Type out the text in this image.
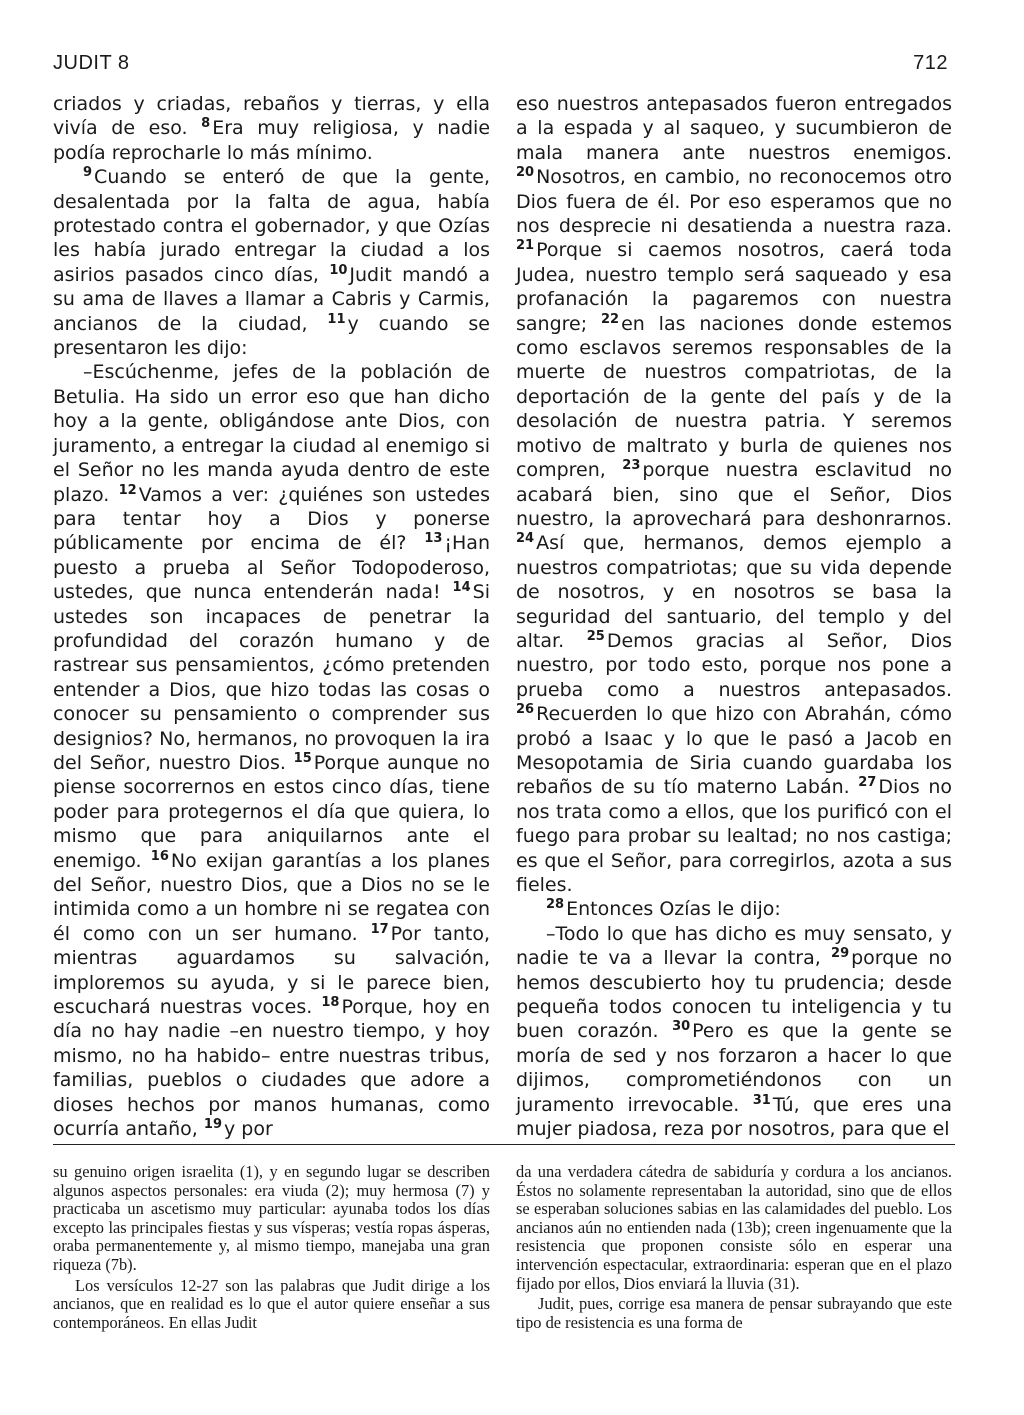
JUDIT 8	712

criados y criadas, rebaños y tierras, y ella vivía de eso. $^8$ Era muy religiosa, y nadie podía reprocharle lo más mínimo.

$^9$ Cuando se enteró de que la gente, desalentada por la falta de agua, había protestado contra el gobernador, y que Ozías les había jurado entregar la ciudad a los asirios pasados cinco días, $^{10}$ Judit mandó a su ama de llaves a llamar a Cabris y Carmis, ancianos de la ciudad, $^{11}$ y cuando se presentaron les dijo:

–Escúchenme, jefes de la población de Betulia. Ha sido un error eso que han dicho hoy a la gente, obligándose ante Dios, con juramento, a entregar la ciudad al enemigo si el Señor no les manda ayuda dentro de este plazo. $^{12}$ Vamos a ver: ¿quiénes son ustedes para tentar hoy a Dios y ponerse públicamente por encima de él? $^{13}$ ¡Han puesto a prueba al Señor Todopoderoso, ustedes, que nunca entenderán nada! $^{14}$ Si ustedes son incapaces de penetrar la profundidad del corazón humano y de rastrear sus pensamientos, ¿cómo pretenden entender a Dios, que hizo todas las cosas o conocer su pensamiento o comprender sus designios? No, hermanos, no provoquen la ira del Señor, nuestro Dios. $^{15}$ Porque aunque no piense socorrernos en estos cinco días, tiene poder para protegernos el día que quiera, lo mismo que para aniquilarnos ante el enemigo. $^{16}$ No exijan garantías a los planes del Señor, nuestro Dios, que a Dios no se le intimida como a un hombre ni se regatea con él como con un ser humano. $^{17}$ Por tanto, mientras aguardamos su salvación, imploremos su ayuda, y si le parece bien, escuchará nuestras voces. $^{18}$ Porque, hoy en día no hay nadie –en nuestro tiempo, y hoy mismo, no ha habido– entre nuestras tribus, familias, pueblos o ciudades que adore a dioses hechos por manos humanas, como ocurría antaño, $^{19}$ y por

eso nuestros antepasados fueron entregados a la espada y al saqueo, y sucumbieron de mala manera ante nuestros enemigos. $^{20}$ Nosotros, en cambio, no reconocemos otro Dios fuera de él. Por eso esperamos que no nos desprecie ni desatienda a nuestra raza. $^{21}$ Porque si caemos nosotros, caerá toda Judea, nuestro templo será saqueado y esa profanación la pagaremos con nuestra sangre; $^{22}$ en las naciones donde estemos como esclavos seremos responsables de la muerte de nuestros compatriotas, de la deportación de la gente del país y de la desolación de nuestra patria. Y seremos motivo de maltrato y burla de quienes nos compren, $^{23}$ porque nuestra esclavitud no acabará bien, sino que el Señor, Dios nuestro, la aprovechará para deshonrarnos. $^{24}$ Así que, hermanos, demos ejemplo a nuestros compatriotas; que su vida depende de nosotros, y en nosotros se basa la seguridad del santuario, del templo y del altar. $^{25}$ Demos gracias al Señor, Dios nuestro, por todo esto, porque nos pone a prueba como a nuestros antepasados. $^{26}$ Recuerden lo que hizo con Abrahán, cómo probó a Isaac y lo que le pasó a Jacob en Mesopotamia de Siria cuando guardaba los rebaños de su tío materno Labán. $^{27}$ Dios no nos trata como a ellos, que los purificó con el fuego para probar su lealtad; no nos castiga; es que el Señor, para corregirlos, azota a sus fieles.

$^{28}$ Entonces Ozías le dijo:

–Todo lo que has dicho es muy sensato, y nadie te va a llevar la contra, $^{29}$ porque no hemos descubierto hoy tu prudencia; desde pequeña todos conocen tu inteligencia y tu buen corazón. $^{30}$ Pero es que la gente se moría de sed y nos forzaron a hacer lo que dijimos, comprometiéndonos con un juramento irrevocable. $^{31}$ Tú, que eres una mujer piadosa, reza por nosotros, para que el

su genuino origen israelita (1), y en segundo lugar se describen algunos aspectos personales: era viuda (2); muy hermosa (7) y practicaba un ascetismo muy particular: ayunaba todos los días excepto las principales fiestas y sus vísperas; vestía ropas ásperas, oraba permanentemente y, al mismo tiempo, manejaba una gran riqueza (7b).

Los versículos 12-27 son las palabras que Judit dirige a los ancianos, que en realidad es lo que el autor quiere enseñar a sus contemporáneos. En ellas Judit

da una verdadera cátedra de sabiduría y cordura a los ancianos. Éstos no solamente representaban la autoridad, sino que de ellos se esperaban soluciones sabias en las calamidades del pueblo. Los ancianos aún no entienden nada (13b); creen ingenuamente que la resistencia que proponen consiste sólo en esperar una intervención espectacular, extraordinaria: esperan que en el plazo fijado por ellos, Dios enviará la lluvia (31).

Judit, pues, corrige esa manera de pensar subrayando que este tipo de resistencia es una forma de
